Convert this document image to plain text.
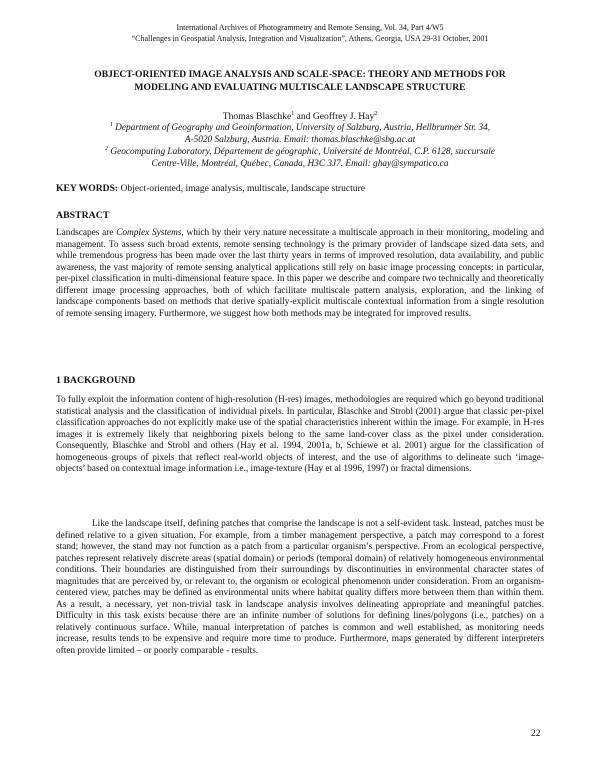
International Archives of Photogrammetry and Remote Sensing, Vol. 34, Part 4/W5
“Challenges in Geospatial Analysis, Integration and Visualization”, Athens, Georgia, USA 29-31 October, 2001
OBJECT-ORIENTED IMAGE ANALYSIS AND SCALE-SPACE: THEORY AND METHODS FOR
MODELING AND EVALUATING MULTISCALE LANDSCAPE STRUCTURE
Thomas Blaschke$^1$ and Geoffrey J. Hay$^2$
$^1$ Department of Geography and Geoinformation, University of Salzburg, Austria, Hellbrunner Str. 34,
A-5020 Salzburg, Austria. Email: thomas.blaschke@sbg.ac.at
$^2$ Geocomputing Laboratory, Département de géographic, Université de Montréal, C.P. 6128, succursale
Centre-Ville, Montréal, Québec, Canada, H3C 3J7. Email: ghay@sympatico.ca
KEY WORDS: Object-oriented, image analysis, multiscale, landscape structure
ABSTRACT
Landscapes are Complex Systems, which by their very nature necessitate a multiscale approach in their monitoring, modeling and management. To assess such broad extents, remote sensing technology is the primary provider of landscape sized data sets, and while tremendous progress has been made over the last thirty years in terms of improved resolution, data availability, and public awareness, the vast majority of remote sensing analytical applications still rely on basic image processing concepts: in particular, per-pixel classification in multi-dimensional feature space. In this paper we describe and compare two technically and theoretically different image processing approaches, both of which facilitate multiscale pattern analysis, exploration, and the linking of landscape components based on methods that derive spatially-explicit multiscale contextual information from a single resolution of remote sensing imagery. Furthermore, we suggest how both methods may be integrated for improved results.
1 BACKGROUND
To fully exploit the information content of high-resolution (H-res) images, methodologies are required which go beyond traditional statistical analysis and the classification of individual pixels. In particular, Blaschke and Strobl (2001) argue that classic per-pixel classification approaches do not explicitly make use of the spatial characteristics inherent within the image. For example, in H-res images it is extremely likely that neighboring pixels belong to the same land-cover class as the pixel under consideration. Consequently, Blaschke and Strobl and others (Hay et al. 1994, 2001a, b, Schiewe et al. 2001) argue for the classification of homogeneous groups of pixels that reflect real-world objects of interest, and the use of algorithms to delineate such ‘image-objects’ based on contextual image information i.e., image-texture (Hay et al 1996, 1997) or fractal dimensions.
Like the landscape itself, defining patches that comprise the landscape is not a self-evident task. Instead, patches must be defined relative to a given situation. For example, from a timber management perspective, a patch may correspond to a forest stand; however, the stand may not function as a patch from a particular organism’s perspective. From an ecological perspective, patches represent relatively discrete areas (spatial domain) or periods (temporal domain) of relatively homogeneous environmental conditions. Their boundaries are distinguished from their surroundings by discontinuities in environmental character states of magnitudes that are perceived by, or relevant to, the organism or ecological phenomenon under consideration. From an organism-centered view, patches may be defined as environmental units where habitat quality differs more between them than within them. As a result, a necessary, yet non-trivial task in landscape analysis involves delineating appropriate and meaningful patches. Difficulty in this task exists because there are an infinite number of solutions for defining lines/polygons (i.e., patches) on a relatively continuous surface. While, manual interpretation of patches is common and well established, as monitoring needs increase, results tends to be expensive and require more time to produce. Furthermore, maps generated by different interpreters often provide limited – or poorly comparable - results.
22
